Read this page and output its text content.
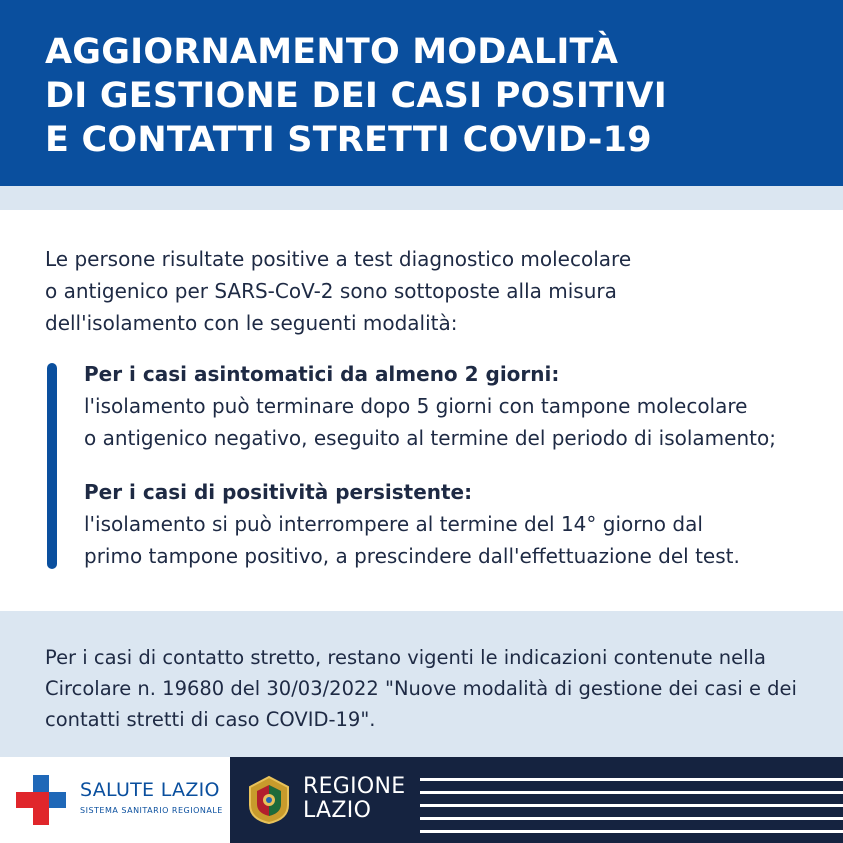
AGGIORNAMENTO MODALITÀ
DI GESTIONE DEI CASI POSITIVI
E CONTATTI STRETTI COVID-19

Le persone risultate positive a test diagnostico molecolare
o antigenico per SARS-CoV-2 sono sottoposte alla misura
dell'isolamento con le seguenti modalità:

Per i casi asintomatici da almeno 2 giorni:
l'isolamento può terminare dopo 5 giorni con tampone molecolare
o antigenico negativo, eseguito al termine del periodo di isolamento;

Per i casi di positività persistente:
l'isolamento si può interrompere al termine del 14° giorno dal
primo tampone positivo, a prescindere dall'effettuazione del test.

Per i casi di contatto stretto, restano vigenti le indicazioni contenute nella
Circolare n. 19680 del 30/03/2022 "Nuove modalità di gestione dei casi e dei
contatti stretti di caso COVID-19".

SALUTE LAZIO
SISTEMA SANITARIO REGIONALE
REGIONE
LAZIO
